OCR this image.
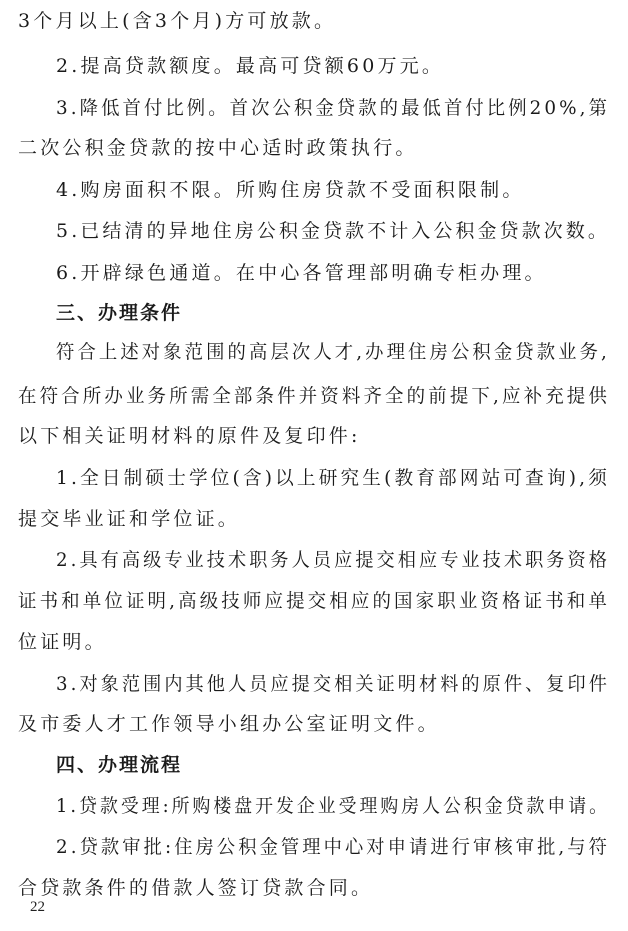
3个月以上(含3个月)方可放款。
2.提高贷款额度。最高可贷额60万元。
3.降低首付比例。首次公积金贷款的最低首付比例20%,第
二次公积金贷款的按中心适时政策执行。
4.购房面积不限。所购住房贷款不受面积限制。
5.已结清的异地住房公积金贷款不计入公积金贷款次数。
6.开辟绿色通道。在中心各管理部明确专柜办理。
三、办理条件
符合上述对象范围的高层次人才,办理住房公积金贷款业务,
在符合所办业务所需全部条件并资料齐全的前提下,应补充提供
以下相关证明材料的原件及复印件:
1.全日制硕士学位(含)以上研究生(教育部网站可查询),须
提交毕业证和学位证。
2.具有高级专业技术职务人员应提交相应专业技术职务资格
证书和单位证明,高级技师应提交相应的国家职业资格证书和单
位证明。
3.对象范围内其他人员应提交相关证明材料的原件、复印件
及市委人才工作领导小组办公室证明文件。
四、办理流程
1.贷款受理:所购楼盘开发企业受理购房人公积金贷款申请。
2.贷款审批:住房公积金管理中心对申请进行审核审批,与符
合贷款条件的借款人签订贷款合同。
22
